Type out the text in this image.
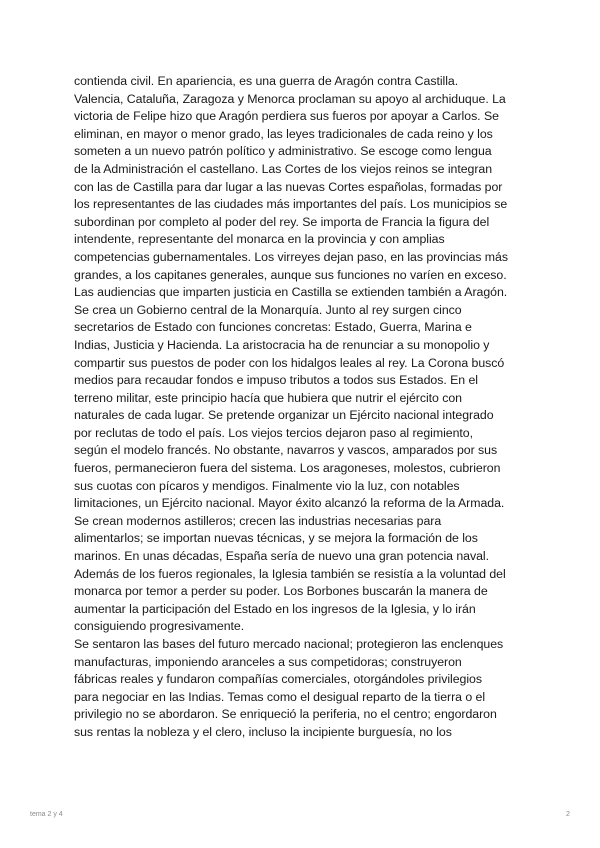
contienda civil. En apariencia, es una guerra de Aragón contra Castilla.
Valencia, Cataluña, Zaragoza y Menorca proclaman su apoyo al archiduque. La
victoria de Felipe hizo que Aragón perdiera sus fueros por apoyar a Carlos. Se
eliminan, en mayor o menor grado, las leyes tradicionales de cada reino y los
someten a un nuevo patrón político y administrativo. Se escoge como lengua
de la Administración el castellano. Las Cortes de los viejos reinos se integran
con las de Castilla para dar lugar a las nuevas Cortes españolas, formadas por
los representantes de las ciudades más importantes del país. Los municipios se
subordinan por completo al poder del rey. Se importa de Francia la figura del
intendente, representante del monarca en la provincia y con amplias
competencias gubernamentales. Los virreyes dejan paso, en las provincias más
grandes, a los capitanes generales, aunque sus funciones no varíen en exceso.
Las audiencias que imparten justicia en Castilla se extienden también a Aragón.
Se crea un Gobierno central de la Monarquía. Junto al rey surgen cinco
secretarios de Estado con funciones concretas: Estado, Guerra, Marina e
Indias, Justicia y Hacienda. La aristocracia ha de renunciar a su monopolio y
compartir sus puestos de poder con los hidalgos leales al rey. La Corona buscó
medios para recaudar fondos e impuso tributos a todos sus Estados. En el
terreno militar, este principio hacía que hubiera que nutrir el ejército con
naturales de cada lugar. Se pretende organizar un Ejército nacional integrado
por reclutas de todo el país. Los viejos tercios dejaron paso al regimiento,
según el modelo francés. No obstante, navarros y vascos, amparados por sus
fueros, permanecieron fuera del sistema. Los aragoneses, molestos, cubrieron
sus cuotas con pícaros y mendigos. Finalmente vio la luz, con notables
limitaciones, un Ejército nacional. Mayor éxito alcanzó la reforma de la Armada.
Se crean modernos astilleros; crecen las industrias necesarias para
alimentarlos; se importan nuevas técnicas, y se mejora la formación de los
marinos. En unas décadas, España sería de nuevo una gran potencia naval.
Además de los fueros regionales, la Iglesia también se resistía a la voluntad del
monarca por temor a perder su poder. Los Borbones buscarán la manera de
aumentar la participación del Estado en los ingresos de la Iglesia, y lo irán
consiguiendo progresivamente.
Se sentaron las bases del futuro mercado nacional; protegieron las enclenques
manufacturas, imponiendo aranceles a sus competidoras; construyeron
fábricas reales y fundaron compañías comerciales, otorgándoles privilegios
para negociar en las Indias. Temas como el desigual reparto de la tierra o el
privilegio no se abordaron. Se enriqueció la periferia, no el centro; engordaron
sus rentas la nobleza y el clero, incluso la incipiente burguesía, no los
tema 2 y 4	2
